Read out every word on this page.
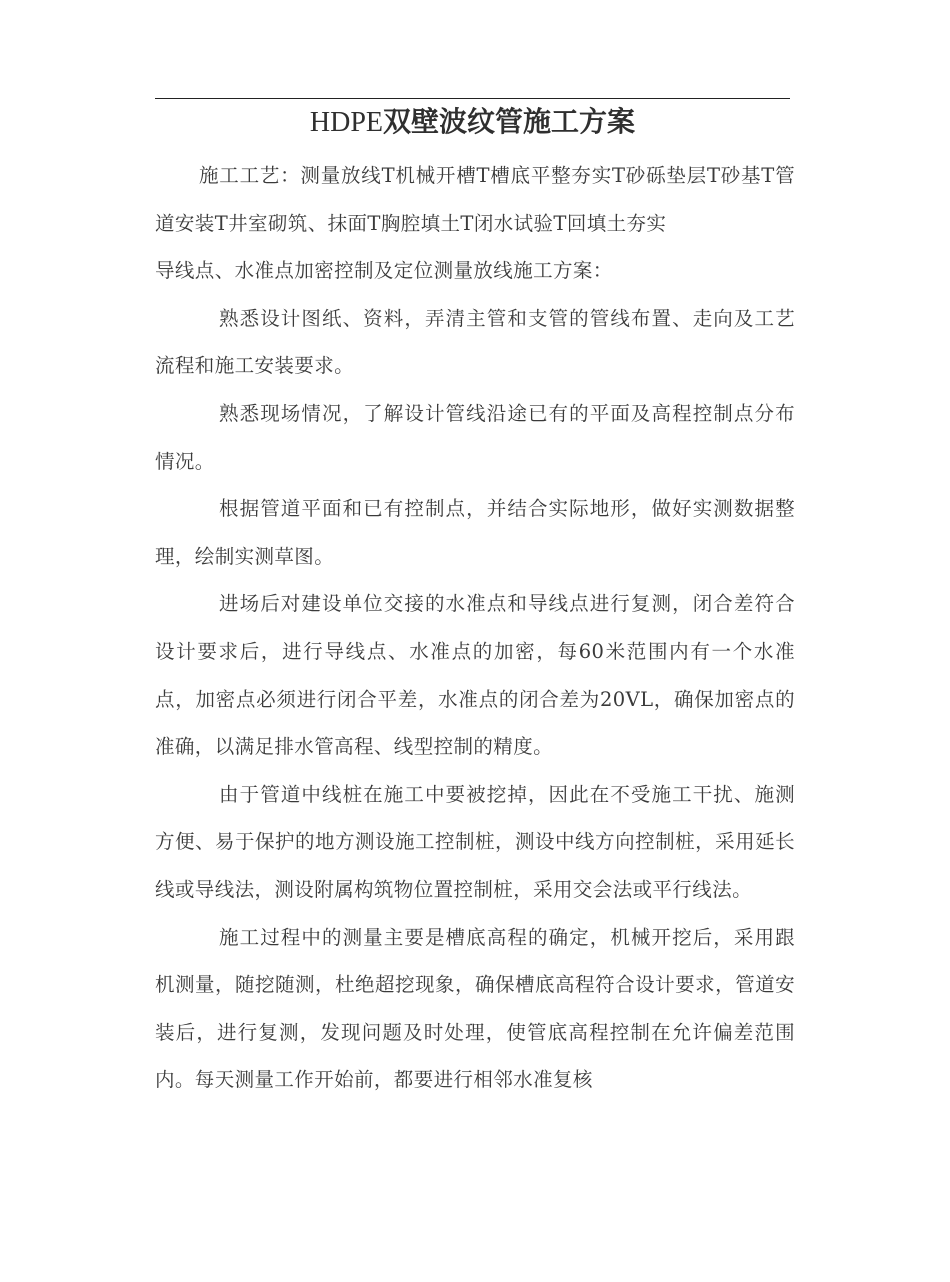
HDPE双壁波纹管施工方案

施工工艺：测量放线T机械开槽T槽底平整夯实T砂砾垫层T砂基T管道安装T井室砌筑、抹面T胸腔填土T闭水试验T回填土夯实

导线点、水准点加密控制及定位测量放线施工方案：

熟悉设计图纸、资料，弄清主管和支管的管线布置、走向及工艺流程和施工安装要求。

熟悉现场情况，了解设计管线沿途已有的平面及高程控制点分布情况。

根据管道平面和已有控制点，并结合实际地形，做好实测数据整理，绘制实测草图。

进场后对建设单位交接的水准点和导线点进行复测，闭合差符合设计要求后，进行导线点、水准点的加密，每60米范围内有一个水准点，加密点必须进行闭合平差，水准点的闭合差为20VL，确保加密点的准确，以满足排水管高程、线型控制的精度。

由于管道中线桩在施工中要被挖掉，因此在不受施工干扰、施测方便、易于保护的地方测设施工控制桩，测设中线方向控制桩，采用延长线或导线法，测设附属构筑物位置控制桩，采用交会法或平行线法。

施工过程中的测量主要是槽底高程的确定，机械开挖后，采用跟机测量，随挖随测，杜绝超挖现象，确保槽底高程符合设计要求，管道安装后，进行复测，发现问题及时处理，使管底高程控制在允许偏差范围内。每天测量工作开始前，都要进行相邻水准复核
